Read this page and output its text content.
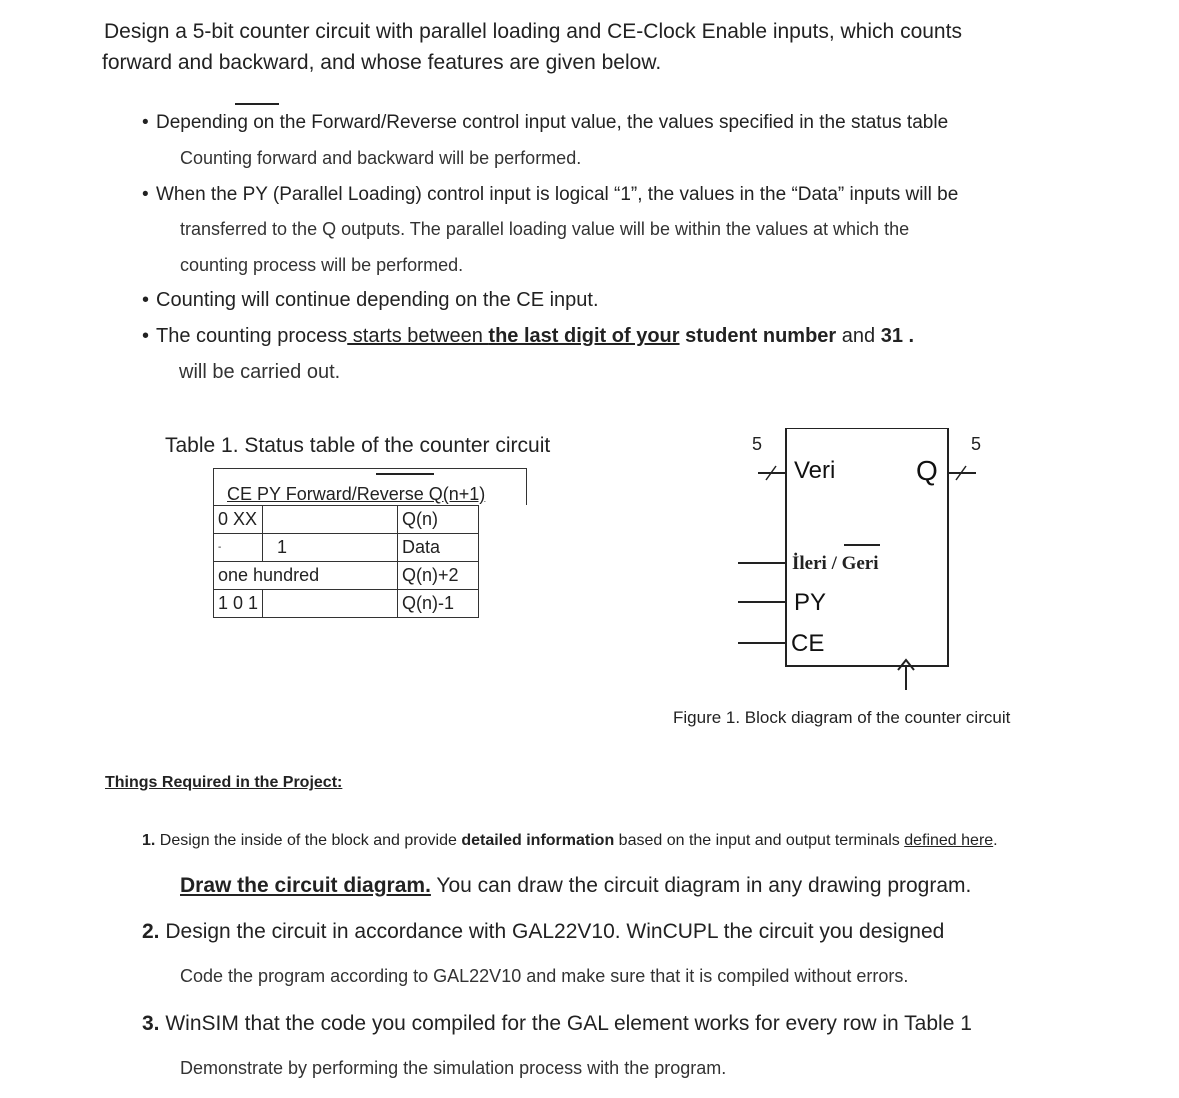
Design a 5-bit counter circuit with parallel loading and CE-Clock Enable inputs, which counts
forward and backward, and whose features are given below.
• Depending on the Forward/Reverse control input value, the values specified in the status table
Counting forward and backward will be performed.
• When the PY (Parallel Loading) control input is logical “1”, the values in the “Data” inputs will be
transferred to the Q outputs. The parallel loading value will be within the values at which the
counting process will be performed.
• Counting will continue depending on the CE input.
• The counting process starts between the last digit of your student number and 31 .
will be carried out.
Table 1. Status table of the counter circuit
CE PY Forward/Reverse Q(n+1)
0 XX		Q(n)
-	1	Data
one hundred		Q(n)+2
1 0 1		Q(n)-1
5	5
Veri	Q
İleri / Geri
PY
CE
Figure 1. Block diagram of the counter circuit
Things Required in the Project:
1. Design the inside of the block and provide detailed information based on the input and output terminals defined here.
Draw the circuit diagram. You can draw the circuit diagram in any drawing program.
2. Design the circuit in accordance with GAL22V10. WinCUPL the circuit you designed
Code the program according to GAL22V10 and make sure that it is compiled without errors.
3. WinSIM that the code you compiled for the GAL element works for every row in Table 1
Demonstrate by performing the simulation process with the program.
